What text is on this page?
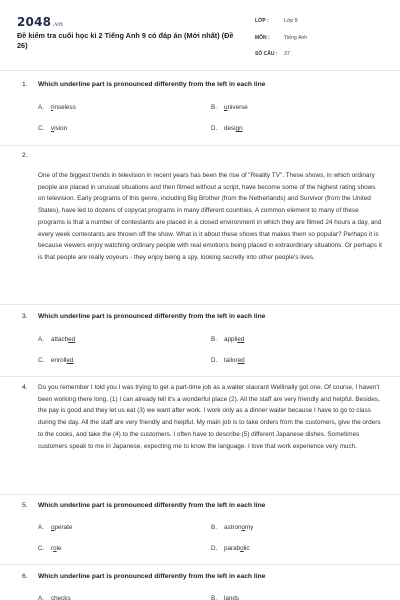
2048.vn
Đề kiểm tra cuối học kì 2 Tiếng Anh 9 có đáp án (Mới nhất) (Đề 26)
LỚP :	Lớp 9
MÔN :	Tiếng Anh
SỐ CÂU :	37
1. Which underline part is pronounced differently from the left in each line
A. rinseless	B. universe
C. vision	D. design
2.
One of the biggest trends in television in recent years has been the rise of "Reality TV". These shows, in which ordinary people are placed in unusual situations and then filmed without a script, have become some of the highest rating shows on television. Early programs of this genre, including Big Brother (from the Netherlands) and Survivor (from the United States), have led to dozens of copycat programs in many different countries. A common element to many of these programs is that a number of contestants are placed in a closed environment in which they are filmed 24 hours a day, and every week contestants are thrown off the show. What is it about these shows that makes them so popular? Perhaps it is because viewers enjoy watching ordinary people with real emotions being placed in extraordinary situations. Or perhaps it is that people are really voyeurs - they enjoy being a spy, looking secretly into other people's lives.
3. Which underline part is pronounced differently from the left in each line
A. attached	B. applied
C. enrolled	D. tailored
4. Do you remember I told you I was trying to get a part-time job as a waiter staurant Wellinally got one. Of course, I haven't been working there long, (1) I can already tell it's a wonderful place (2). All the staff are very friendly and helpful. Besides, the pay is good and they let us eat (3) we want after work. I work only as a dinner waiter because I have to go to class during the day. All the staff are very friendly and helpful. My main job is to take orders from the customers, give the orders to the cooks, and take the (4) to the customers. I often have to describe (5) different Japanese dishes. Sometimes customers speak to me in Japanese, expecting me to know the language. I love that work experience very much.
5. Which underline part is pronounced differently from the left in each line
A. operate	B. astronomy
C. role	D. parabolic
6. Which underline part is pronounced differently from the left in each line
A. checks	B. lands
